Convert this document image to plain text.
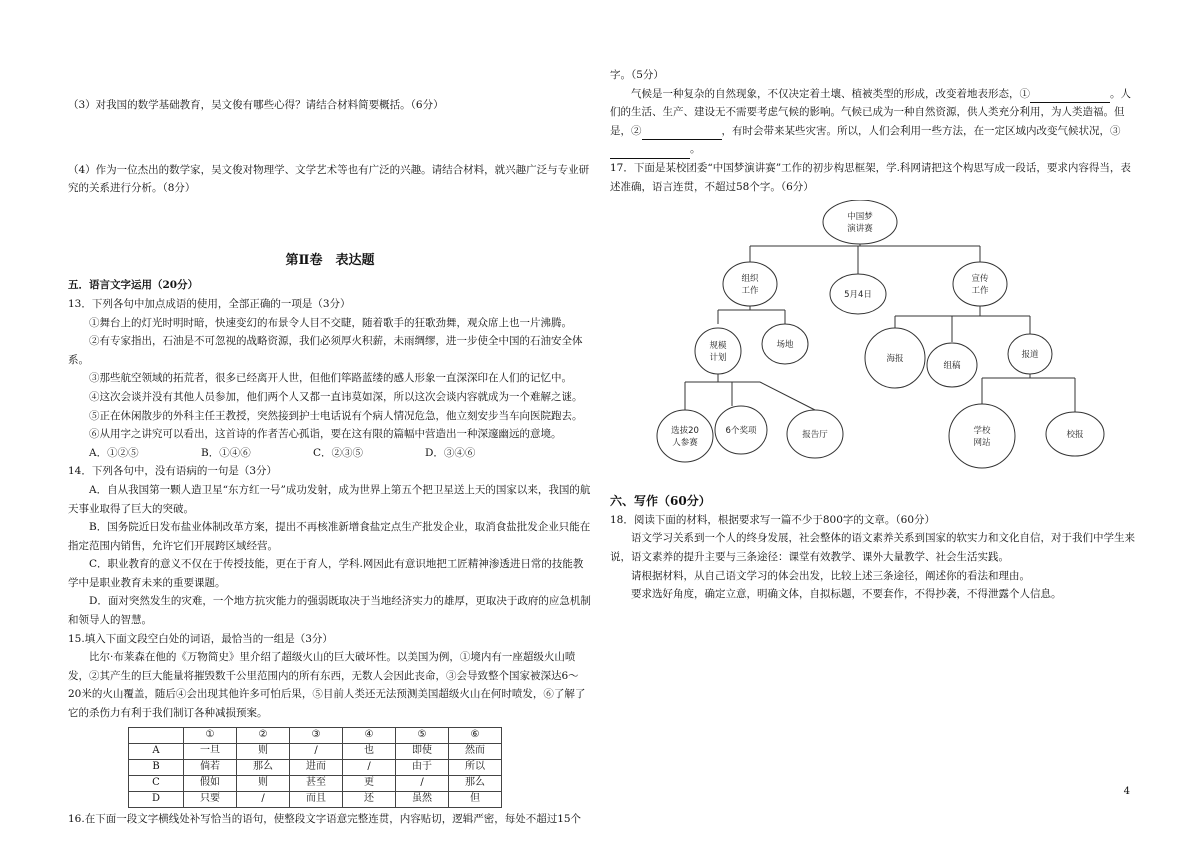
（3）对我国的数学基础教育，吴文俊有哪些心得？请结合材料简要概括。（6分）

（4）作为一位杰出的数学家，吴文俊对物理学、文学艺术等也有广泛的兴趣。请结合材料，就兴趣广泛与专业研究的关系进行分析。（8分）

第Ⅱ卷　表达题

五．语言文字运用（20分）

13．下列各句中加点成语的使用，全部正确的一项是（3分）

①舞台上的灯光时明时暗，快速变幻的布景令人目不交睫，随着歌手的狂歌劲舞，观众席上也一片沸腾。

②有专家指出，石油是不可忽视的战略资源，我们必须厚火积薪，未雨绸缪，进一步使全中国的石油安全体系。

③那些航空领域的拓荒者，很多已经离开人世，但他们筚路蓝缕的感人形象一直深深印在人们的记忆中。

④这次会谈并没有其他人员参加，他们两个人又都一直讳莫如深，所以这次会谈内容就成为一个难解之谜。

⑤正在休闲散步的外科主任王教授，突然接到护士电话说有个病人情况危急，他立刻安步当车向医院跑去。

⑥从用字之讲究可以看出，这首诗的作者苦心孤诣，要在这有限的篇幅中营造出一种深邃幽远的意境。

A．①②⑤	B．①④⑥	C．②③⑤	D．③④⑥

14．下列各句中，没有语病的一句是（3分）

A．自从我国第一颗人造卫星“东方红一号”成功发射，成为世界上第五个把卫星送上天的国家以来，我国的航天事业取得了巨大的突破。

B．国务院近日发布盐业体制改革方案，提出不再核准新增食盐定点生产批发企业，取消食盐批发企业只能在指定范围内销售，允许它们开展跨区域经营。

C．职业教育的意义不仅在于传授技能，更在于育人，学科.网因此有意识地把工匠精神渗透进日常的技能教学中是职业教育未来的重要课题。

D．面对突然发生的灾难，一个地方抗灾能力的强弱既取决于当地经济实力的雄厚，更取决于政府的应急机制和领导人的智慧。

15.填入下面文段空白处的词语，最恰当的一组是（3分）

比尔·布莱森在他的《万物简史》里介绍了超级火山的巨大破坏性。以美国为例，①境内有一座超级火山喷发，②其产生的巨大能量将摧毁数千公里范围内的所有东西，无数人会因此丧命，③会导致整个国家被深达6～20米的火山覆盖，随后④会出现其他许多可怕后果，⑤目前人类还无法预测美国超级火山在何时喷发，⑥了解了它的杀伤力有利于我们制订各种减损预案。

	①	②	③	④	⑤	⑥
A	一旦	则	/	也	即使	然而
B	倘若	那么	进而	/	由于	所以
C	假如	则	甚至	更	/	那么
D	只要	/	而且	还	虽然	但

16.在下面一段文字横线处补写恰当的语句，使整段文字语意完整连贯，内容贴切，逻辑严密，每处不超过15个

字。（5分）

气候是一种复杂的自然现象，不仅决定着土壤、植被类型的形成，改变着地表形态，①	。人们的生活、生产、建设无不需要考虑气候的影响。气候已成为一种自然资源，供人类充分利用，为人类造福。但是，②	，有时会带来某些灾害。所以，人们会利用一些方法，在一定区域内改变气候状况，③。

17．下面是某校团委“中国梦演讲赛”工作的初步构思框架，学.科网请把这个构思写成一段话，要求内容得当，表述准确，语言连贯，不超过58个字。（6分）

中国梦
演讲赛
组织
工作	5月4日
宣传
工作
规模
计划
场地
海报
组稿
报道
选拔20
人参赛
6个奖项	报告厅	学校
网站
校报

六、写作（60分）

18．阅读下面的材料，根据要求写一篇不少于800字的文章。（60分）

语文学习关系到一个人的终身发展，社会整体的语文素养关系到国家的软实力和文化自信，对于我们中学生来说，语文素养的提升主要与三条途径：课堂有效教学、课外大量教学、社会生活实践。

请根据材料，从自己语文学习的体会出发，比较上述三条途径，阐述你的看法和理由。

要求选好角度，确定立意，明确文体，自拟标题，不要套作，不得抄袭，不得泄露个人信息。

4
